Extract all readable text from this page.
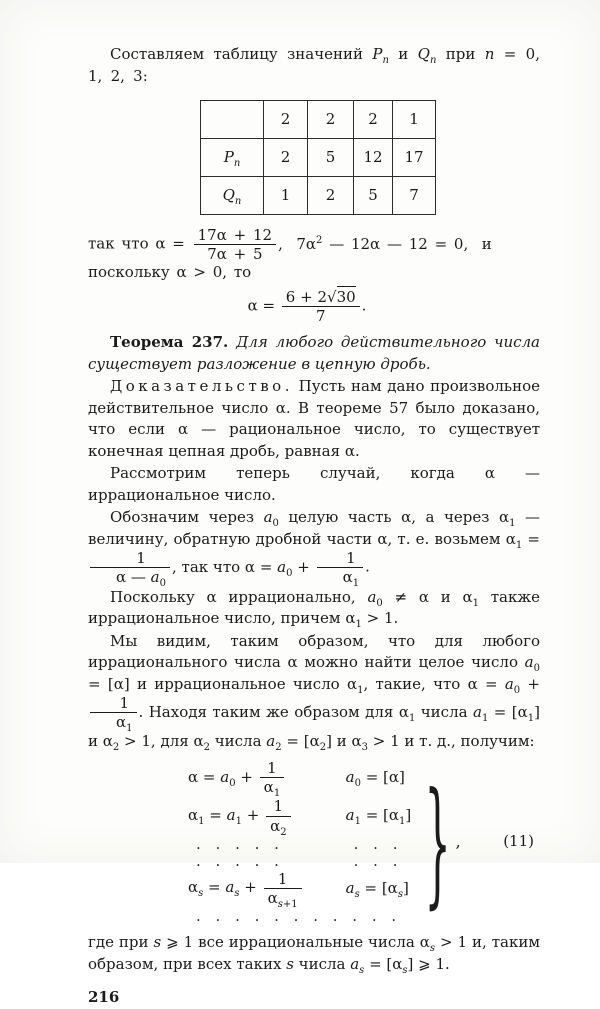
Составляем таблицу значений $P_n$ и $Q_n$ при n = 0, 1, 2, 3:
	2	2	2	1
$P_n$	2	5	12	17
$Q_n$	1	2	5	7
так что $\alpha = \frac{17\alpha + 12}{7\alpha + 5}$ ,  $7\alpha^2$ — 12α — 12 = 0,  и поскольку α > 0, то
$\alpha = \frac{6 + 2√30}{7}$ .
Теорема 237. Для любого действительного числа существует разложение в цепную дробь.
Доказательство. Пусть нам дано произвольное действительное число α. В теореме 57 было доказано, что если α — рациональное число, то существует конечная цепная дробь, равная α.
Рассмотрим теперь случай, когда α — иррациональное число.
Обозначим через $a_0$ целую часть α, а через $\alpha_1$ — величину, обратную дробной части α, т. е. возьмем $\alpha_1$ =
$\frac{1}{\alpha — a_0}$ , так что $\alpha = a_0 + \frac{1}{\alpha_1}$ .
Поскольку α иррационально, $a_0 \ne \alpha$ и $\alpha_1$ также иррациональное число, причем $\alpha_1 > 1$.
Мы видим, таким образом, что для любого иррационального числа α можно найти целое число $a_0 = [\alpha]$ и иррациональное число $\alpha_1$, такие, что $\alpha = a_0$ +
$\frac{1}{\alpha_1}$ . Находя таким же образом для $\alpha_1$ числа $a_1 = [\alpha_1]$ и $\alpha_2 > 1$, для $\alpha_2$ числа $a_2 = [\alpha_2]$ и $\alpha_3 > 1$ и т. д., получим:
$\alpha = a_0 + \frac{1}{\alpha_1}$	$a_0 = [\alpha]$
$\alpha_1 = a_1 + \frac{1}{\alpha_2}$	$a_1 = [\alpha_1]$
. . . . .	. . .
. . . . .	. . .
$\alpha_s = a_s + \frac{1}{\alpha_{s+1}}$	$a_s = [\alpha_s]$
. . . . . . . . . . . } ,	(11)
где при s ⩾ 1 все иррациональные числа $\alpha_s > 1$ и, таким образом, при всех таких s числа $a_s = [\alpha_s]$ ⩾ 1.
216
